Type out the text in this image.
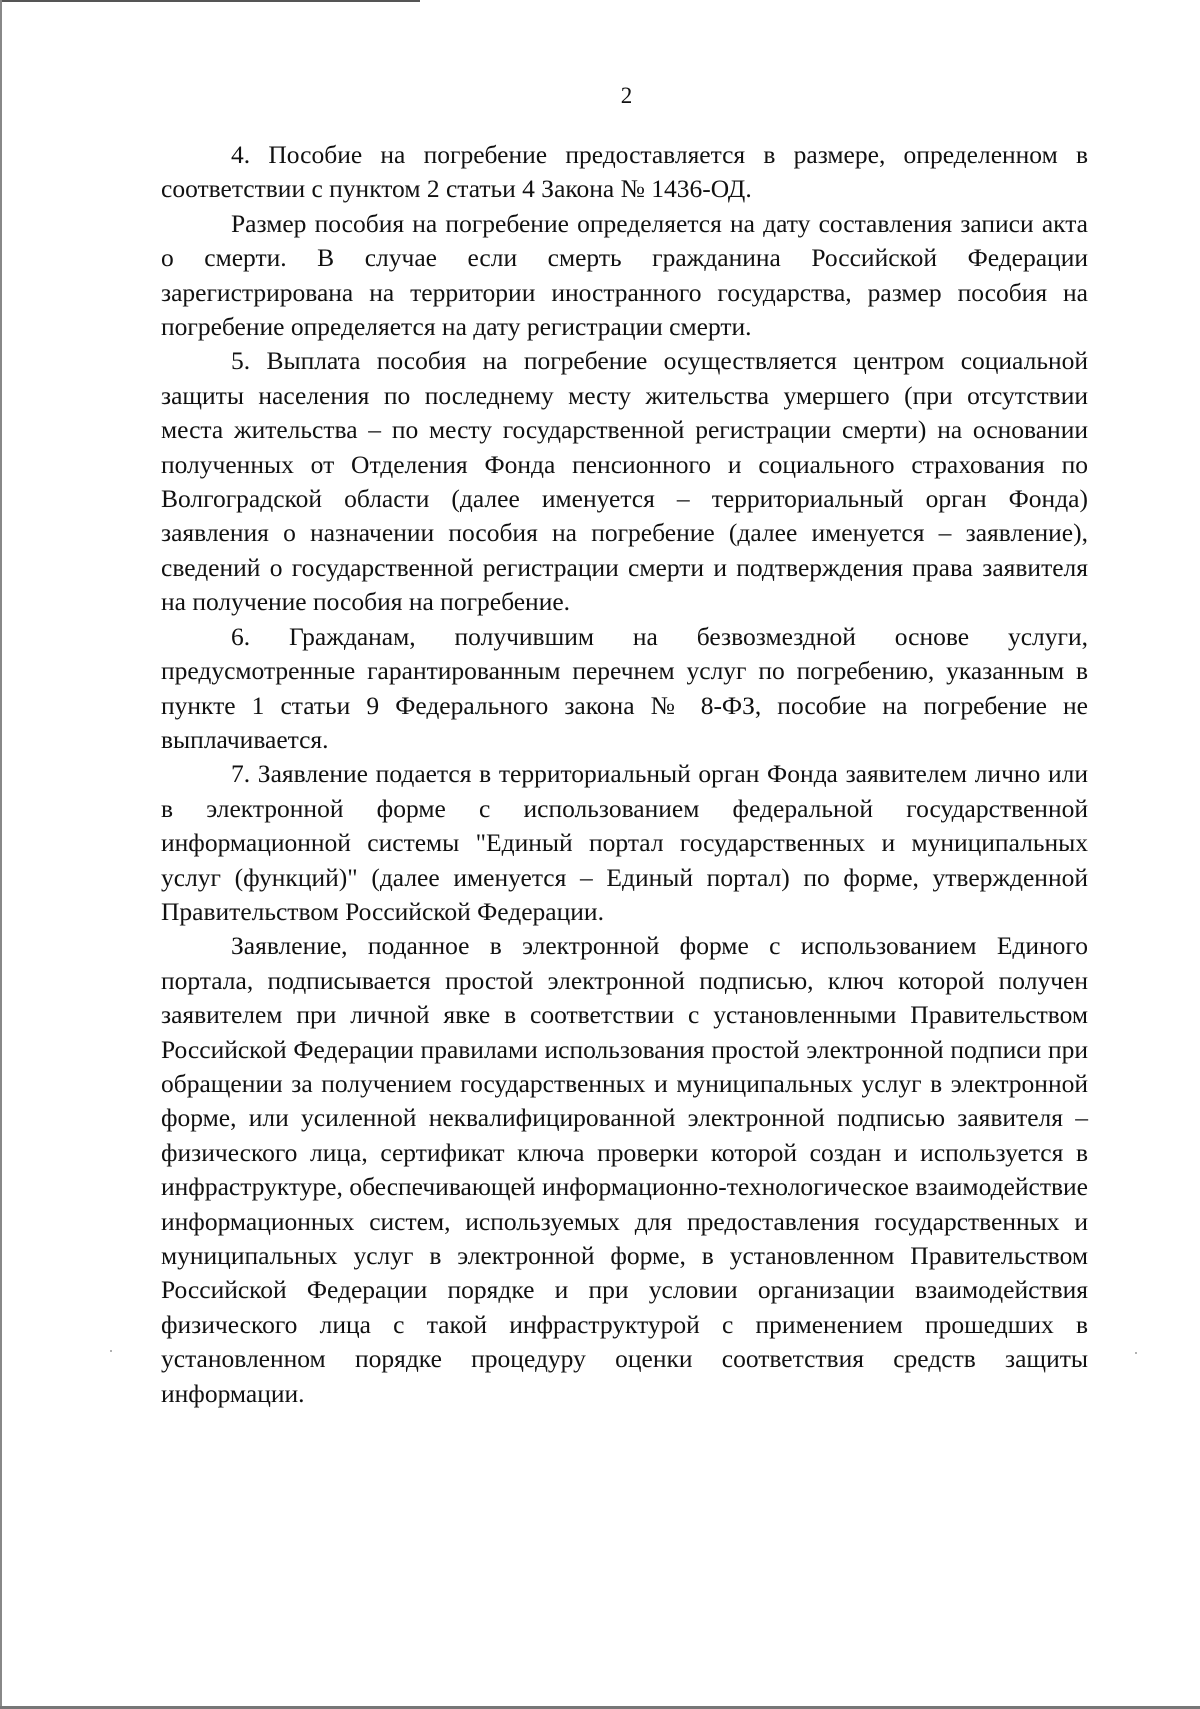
2

4. Пособие на погребение предоставляется в размере, определенном в соответствии с пунктом 2 статьи 4 Закона № 1436-ОД.

Размер пособия на погребение определяется на дату составления записи акта о смерти. В случае если смерть гражданина Российской Федерации зарегистрирована на территории иностранного государства, размер пособия на погребение определяется на дату регистрации смерти.

5. Выплата пособия на погребение осуществляется центром социальной защиты населения по последнему месту жительства умершего (при отсутствии места жительства – по месту государственной регистрации смерти) на основании полученных от Отделения Фонда пенсионного и социального страхования по Волгоградской области (далее именуется – территориальный орган Фонда) заявления о назначении пособия на погребение (далее именуется – заявление), сведений о государственной регистрации смерти и подтверждения права заявителя на получение пособия на погребение.

6. Гражданам, получившим на безвозмездной основе услуги, предусмотренные гарантированным перечнем услуг по погребению, указанным в пункте 1 статьи 9 Федерального закона № 8-ФЗ, пособие на погребение не выплачивается.

7. Заявление подается в территориальный орган Фонда заявителем лично или в электронной форме с использованием федеральной государственной информационной системы "Единый портал государственных и муниципальных услуг (функций)" (далее именуется – Единый портал) по форме, утвержденной Правительством Российской Федерации.

Заявление, поданное в электронной форме с использованием Единого портала, подписывается простой электронной подписью, ключ которой получен заявителем при личной явке в соответствии с установленными Правительством Российской Федерации правилами использования простой электронной подписи при обращении за получением государственных и муниципальных услуг в электронной форме, или усиленной неквалифицированной электронной подписью заявителя – физического лица, сертификат ключа проверки которой создан и используется в инфраструктуре, обеспечивающей информационно-технологическое взаимодействие информационных систем, используемых для предоставления государственных и муниципальных услуг в электронной форме, в установленном Правительством Российской Федерации порядке и при условии организации взаимодействия физического лица с такой инфраструктурой с применением прошедших в установленном порядке процедуру оценки соответствия средств защиты информации.
